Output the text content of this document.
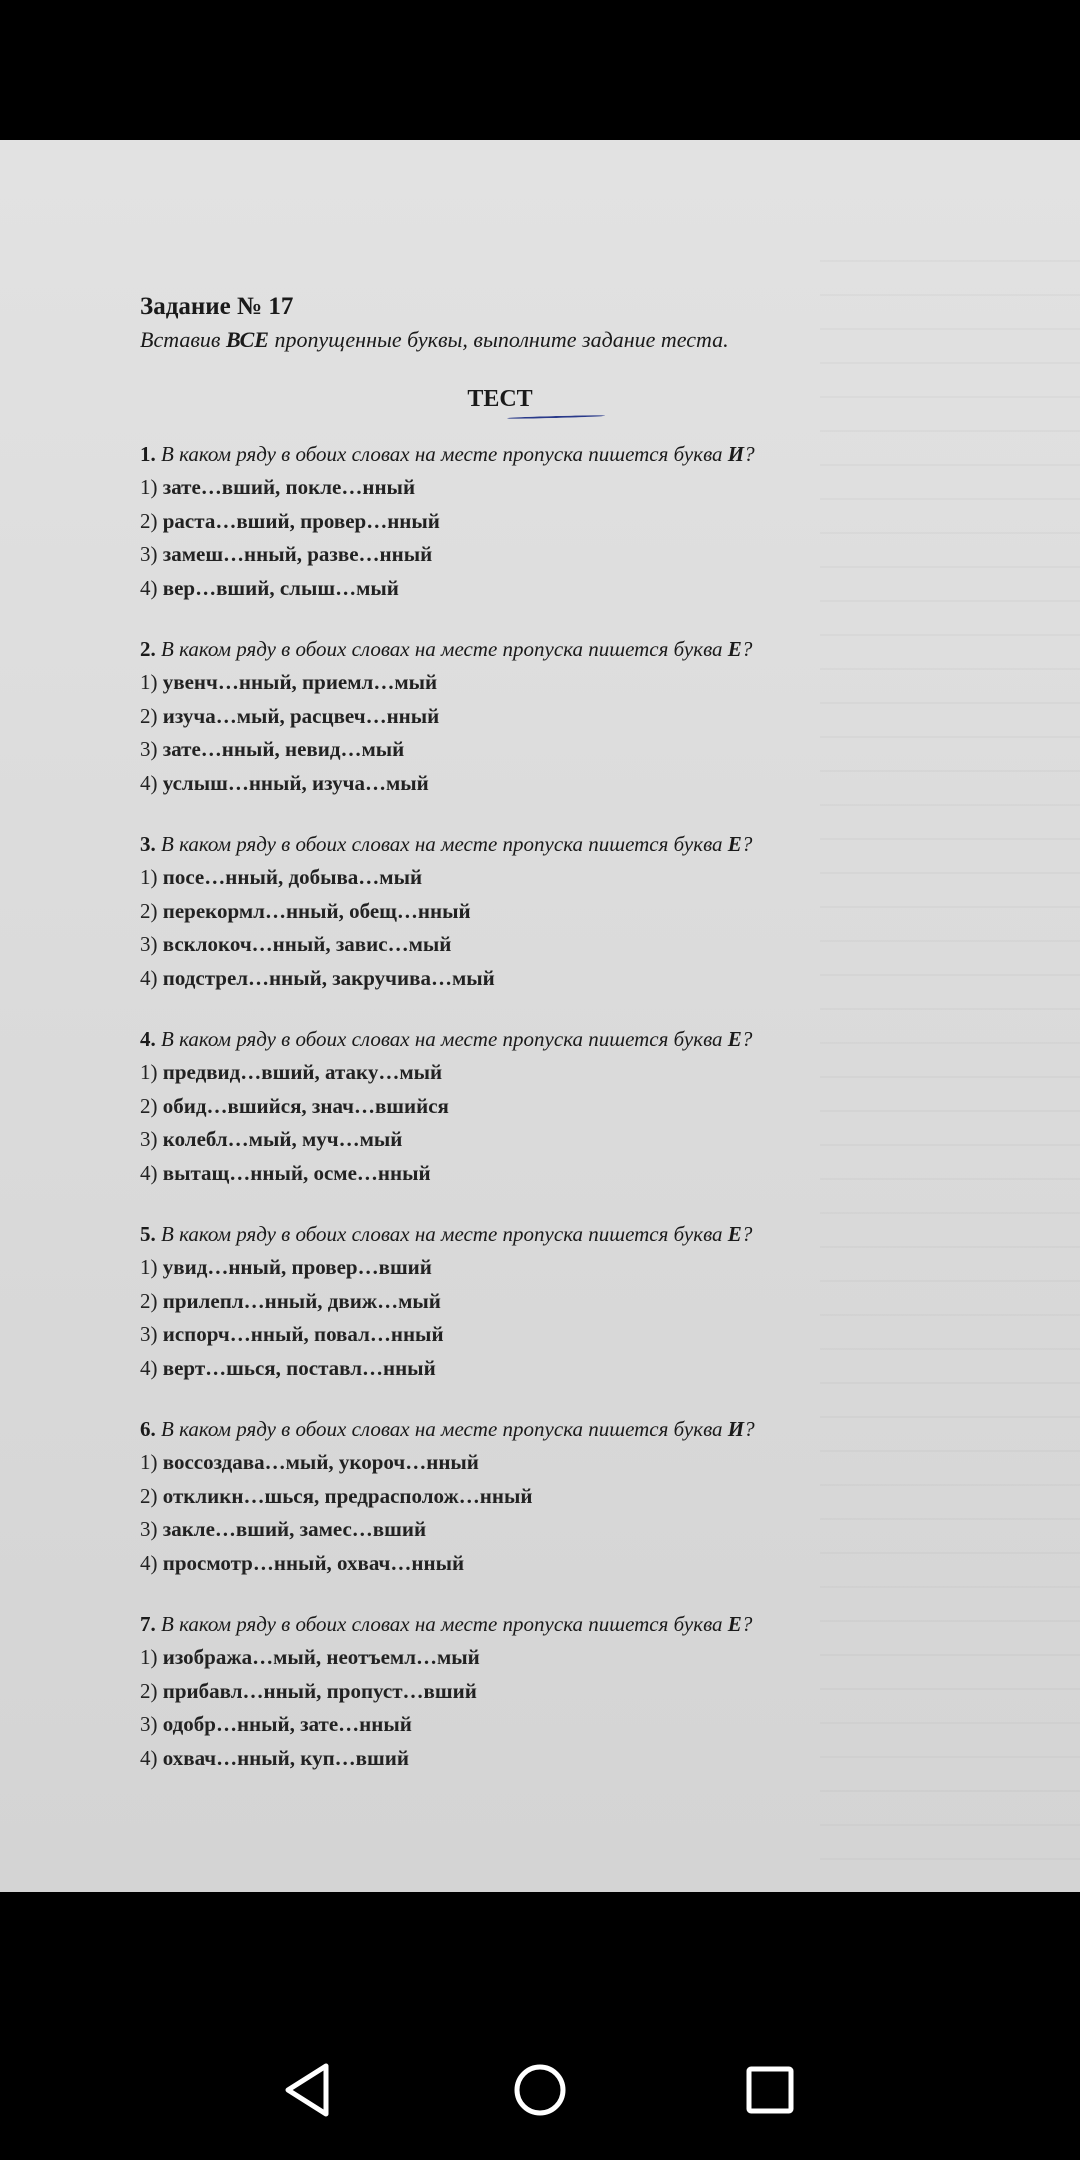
Задание № 17

Вставив ВСЕ пропущенные буквы, выполните задание теста.

ТЕСТ

1. В каком ряду в обоих словах на месте пропуска пишется буква И?

1) зате…вший, покле…нный

2) раста…вший, провер…нный

3) замеш…нный, разве…нный

4) вер…вший, слыш…мый

2. В каком ряду в обоих словах на месте пропуска пишется буква Е?

1) увенч…нный, приемл…мый

2) изуча…мый, расцвеч…нный

3) зате…нный, невид…мый

4) услыш…нный, изуча…мый

3. В каком ряду в обоих словах на месте пропуска пишется буква Е?

1) посе…нный, добыва…мый

2) перекормл…нный, обещ…нный

3) всклокоч…нный, завис…мый

4) подстрел…нный, закручива…мый

4. В каком ряду в обоих словах на месте пропуска пишется буква Е?

1) предвид…вший, атаку…мый

2) обид…вшийся, знач…вшийся

3) колебл…мый, муч…мый

4) вытащ…нный, осме…нный

5. В каком ряду в обоих словах на месте пропуска пишется буква Е?

1) увид…нный, провер…вший

2) прилепл…нный, движ…мый

3) испорч…нный, повал…нный

4) верт…шься, поставл…нный

6. В каком ряду в обоих словах на месте пропуска пишется буква И?

1) воссоздава…мый, укороч…нный

2) откликн…шься, предрасполож…нный

3) закле…вший, замес…вший

4) просмотр…нный, охвач…нный

7. В каком ряду в обоих словах на месте пропуска пишется буква Е?

1) изобража…мый, неотъемл…мый

2) прибавл…нный, пропуст…вший

3) одобр…нный, зате…нный

4) охвач…нный, куп…вший
